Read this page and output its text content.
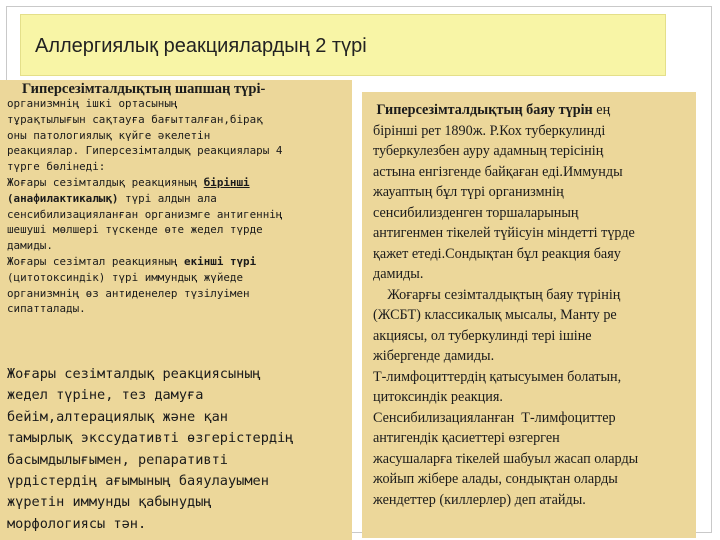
Аллергиялық реакциялардың 2 түрі
Гиперсезімталдықтың шапшаң түрі-
организмнің ішкі ортасының
тұрақтылығын сақтауға бағытталған,бірақ
оны патологиялық күйге әкелетін
реакциялар. Гиперсезімталдық реакциялары 4
түрге бөлінеді:
Жоғары сезімталдық реакцияның бірінші
(анафилактикалық) түрі алдын ала
сенсибилизацияланған организмге антигеннің
шешуші мөлшері түскенде өте жедел түрде
дамиды.
Жоғары сезімтал реакцияның екінші түрі
(цитотоксиндік) түрі иммундық жүйеде
организмнің өз антиденелер түзілуімен
сипатталады.
Жоғары сезімталдық реакциясының
жедел түріне, тез дамуға
бейім,алтерациялық және қан
тамырлық экссудативті өзгерістердің
басымдылығымен, репаративті
үрдістердің ағымының баяулауымен
жүретін иммунды қабынудың
морфологиясы тән.
Гиперсезімталдықтың баяу түрін ең
бірінші рет 1890ж. Р.Кох туберкулинді
туберкулезбен ауру адамның терісінің
астына енгізгенде байқаған еді.Иммунды
жауаптың бұл түрі организмнің
сенсибилизденген торшаларының
антигенмен тікелей түйісуін міндетті түрде
қажет етеді.Сондықтан бұл реакция баяу
дамиды.
Жоғарғы сезімталдықтың баяу түрінің
(ЖСБТ) классикалық мысалы, Манту ре
акциясы, ол туберкулинді тері ішіне
жібергенде дамиды.
Т-лимфоциттердің қатысуымен болатын,
цитоксиндік реакция.
Сенсибилизацияланған  Т-лимфоциттер
антигендік қасиеттері өзгерген
жасушаларға тікелей шабуыл жасап оларды
жойып жібере алады, сондықтан оларды
жендеттер (киллерлер) деп атайды.
